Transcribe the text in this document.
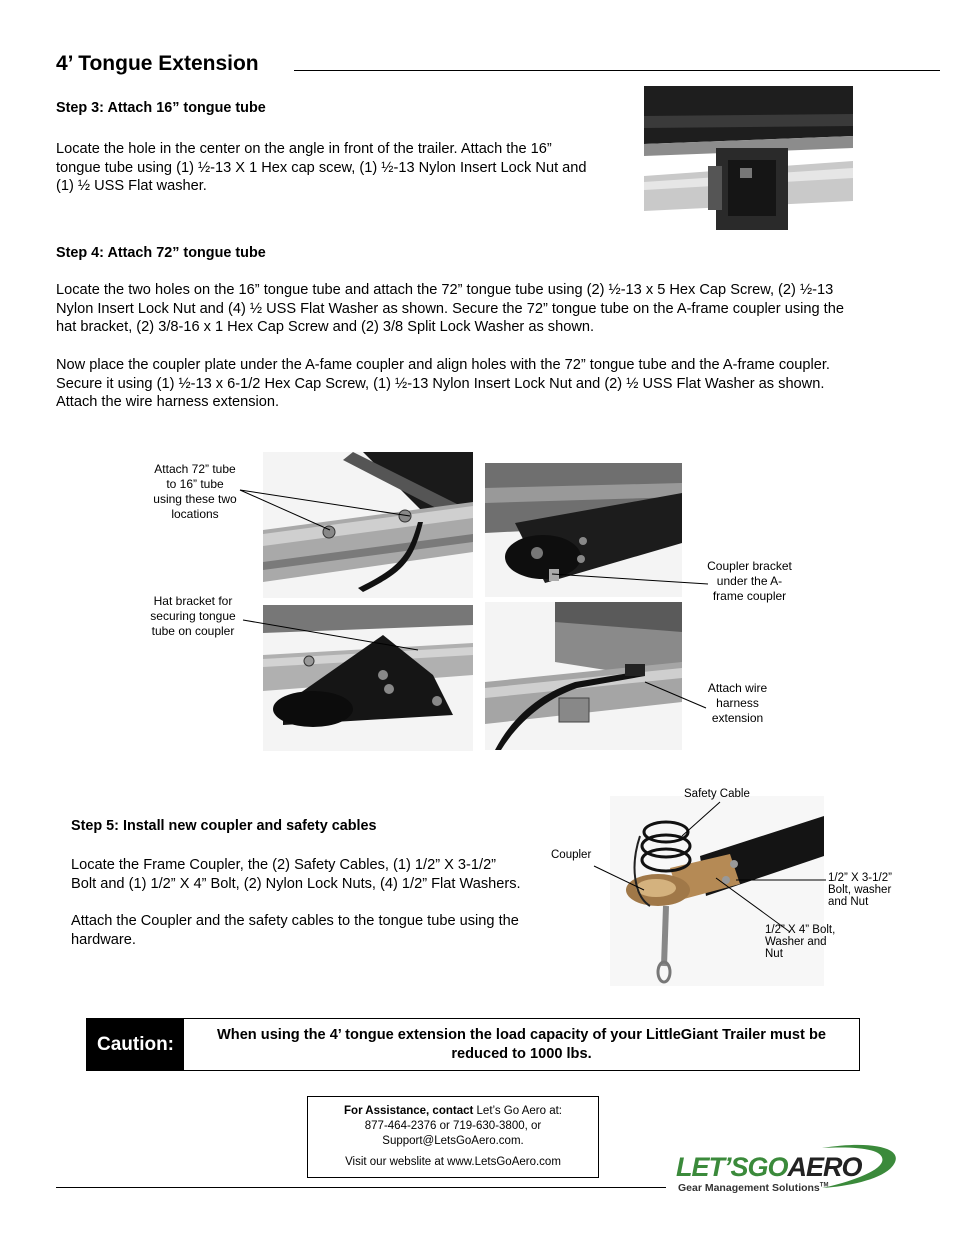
4’ Tongue Extension
Step 3: Attach 16” tongue tube
Locate the hole in the center on the angle in front of the trailer. Attach the 16”
tongue tube using (1) ½-13 X 1 Hex cap scew, (1) ½-13 Nylon Insert Lock Nut and
(1) ½ USS Flat washer.
Step 4: Attach 72” tongue tube
Locate the two holes on the 16” tongue tube and attach the 72” tongue tube using (2) ½-13 x 5 Hex Cap Screw, (2) ½-13
Nylon Insert Lock Nut and (4) ½ USS Flat Washer as shown. Secure the 72” tongue tube on the A-frame coupler using the
hat bracket, (2) 3/8-16 x 1 Hex Cap Screw and (2) 3/8 Split Lock Washer as shown.
Now place the coupler plate under the A-fame coupler and align holes with the 72” tongue tube and the A-frame coupler.
Secure it using (1) ½-13 x 6-1/2 Hex Cap Screw, (1) ½-13 Nylon Insert Lock Nut and (2) ½ USS Flat Washer as shown.
Attach the wire harness extension.
Attach 72” tube
to 16” tube
using these two
locations
Coupler bracket
under the A-
frame coupler
Hat bracket for
securing tongue
tube on coupler
Attach wire
harness
extension
Step 5: Install new coupler and safety cables
Locate the Frame Coupler, the (2) Safety Cables, (1) 1/2” X 3-1/2”
Bolt and (1) 1/2” X 4” Bolt, (2) Nylon Lock Nuts, (4) 1/2” Flat Washers.
Attach the Coupler and the safety cables to the tongue tube using the
hardware.
Safety Cable
Coupler
1/2” X 3-1/2”
Bolt, washer
and Nut
1/2” X 4” Bolt,
Washer and
Nut
Caution:	When using the 4’ tongue extension the load capacity of your LittleGiant Trailer must be
reduced to 1000 lbs.
For Assistance, contact Let’s Go Aero at:
877-464-2376 or 719-630-3800, or
Support@LetsGoAero.com.
Visit our webslite at www.LetsGoAero.com	LET’SGOAERO
Gear Management Solutions™
